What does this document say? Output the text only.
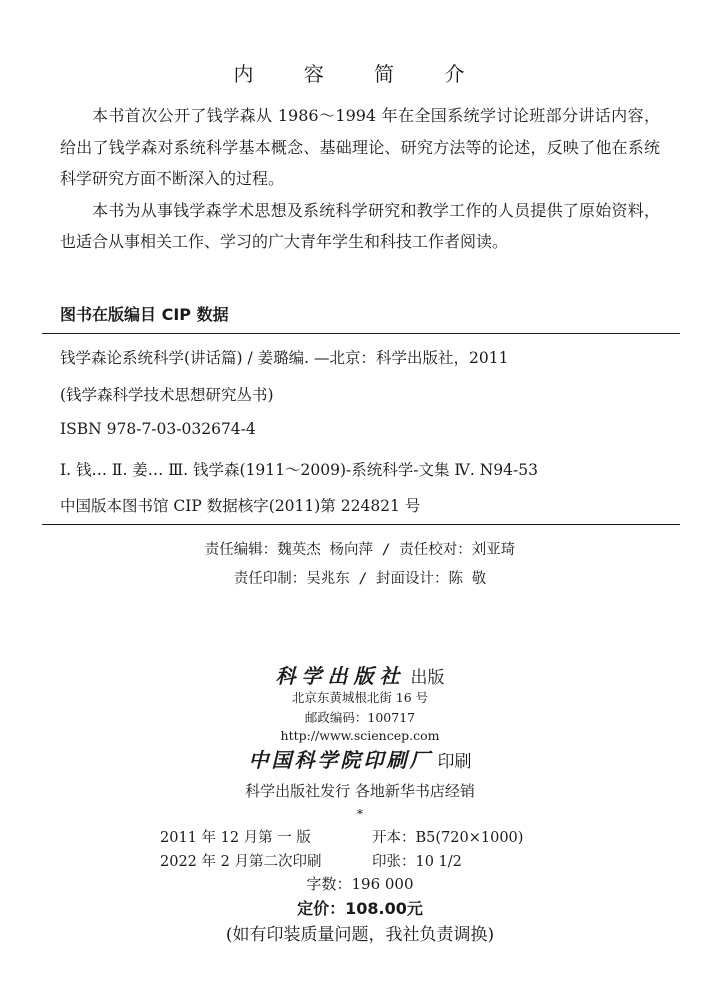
内 容 简 介

本书首次公开了钱学森从 1986～1994 年在全国系统学讨论班部分讲话内容，给出了钱学森对系统科学基本概念、基础理论、研究方法等的论述，反映了他在系统科学研究方面不断深入的过程。

本书为从事钱学森学术思想及系统科学研究和教学工作的人员提供了原始资料，也适合从事相关工作、学习的广大青年学生和科技工作者阅读。

图书在版编目 CIP 数据
钱学森论系统科学(讲话篇) / 姜璐编. —北京：科学出版社，2011
(钱学森科学技术思想研究丛书)
ISBN 978-7-03-032674-4
Ⅰ. 钱… Ⅱ. 姜… Ⅲ. 钱学森(1911～2009)-系统科学-文集 Ⅳ. N94-53
中国版本图书馆 CIP 数据核字(2011)第 224821 号
责任编辑：魏英杰 杨向萍 / 责任校对：刘亚琦
责任印制：吴兆东 / 封面设计：陈 敬
科学出版社 出版
北京东黄城根北街 16 号
邮政编码：100717
http://www.sciencep.com
中国科学院印刷厂 印刷
科学出版社发行 各地新华书店经销
*
2011 年 12 月第 一 版	开本：B5(720×1000)
2022 年 2 月第二次印刷	印张：10 1/2
字数：196 000
定价：108.00元
(如有印装质量问题，我社负责调换)
